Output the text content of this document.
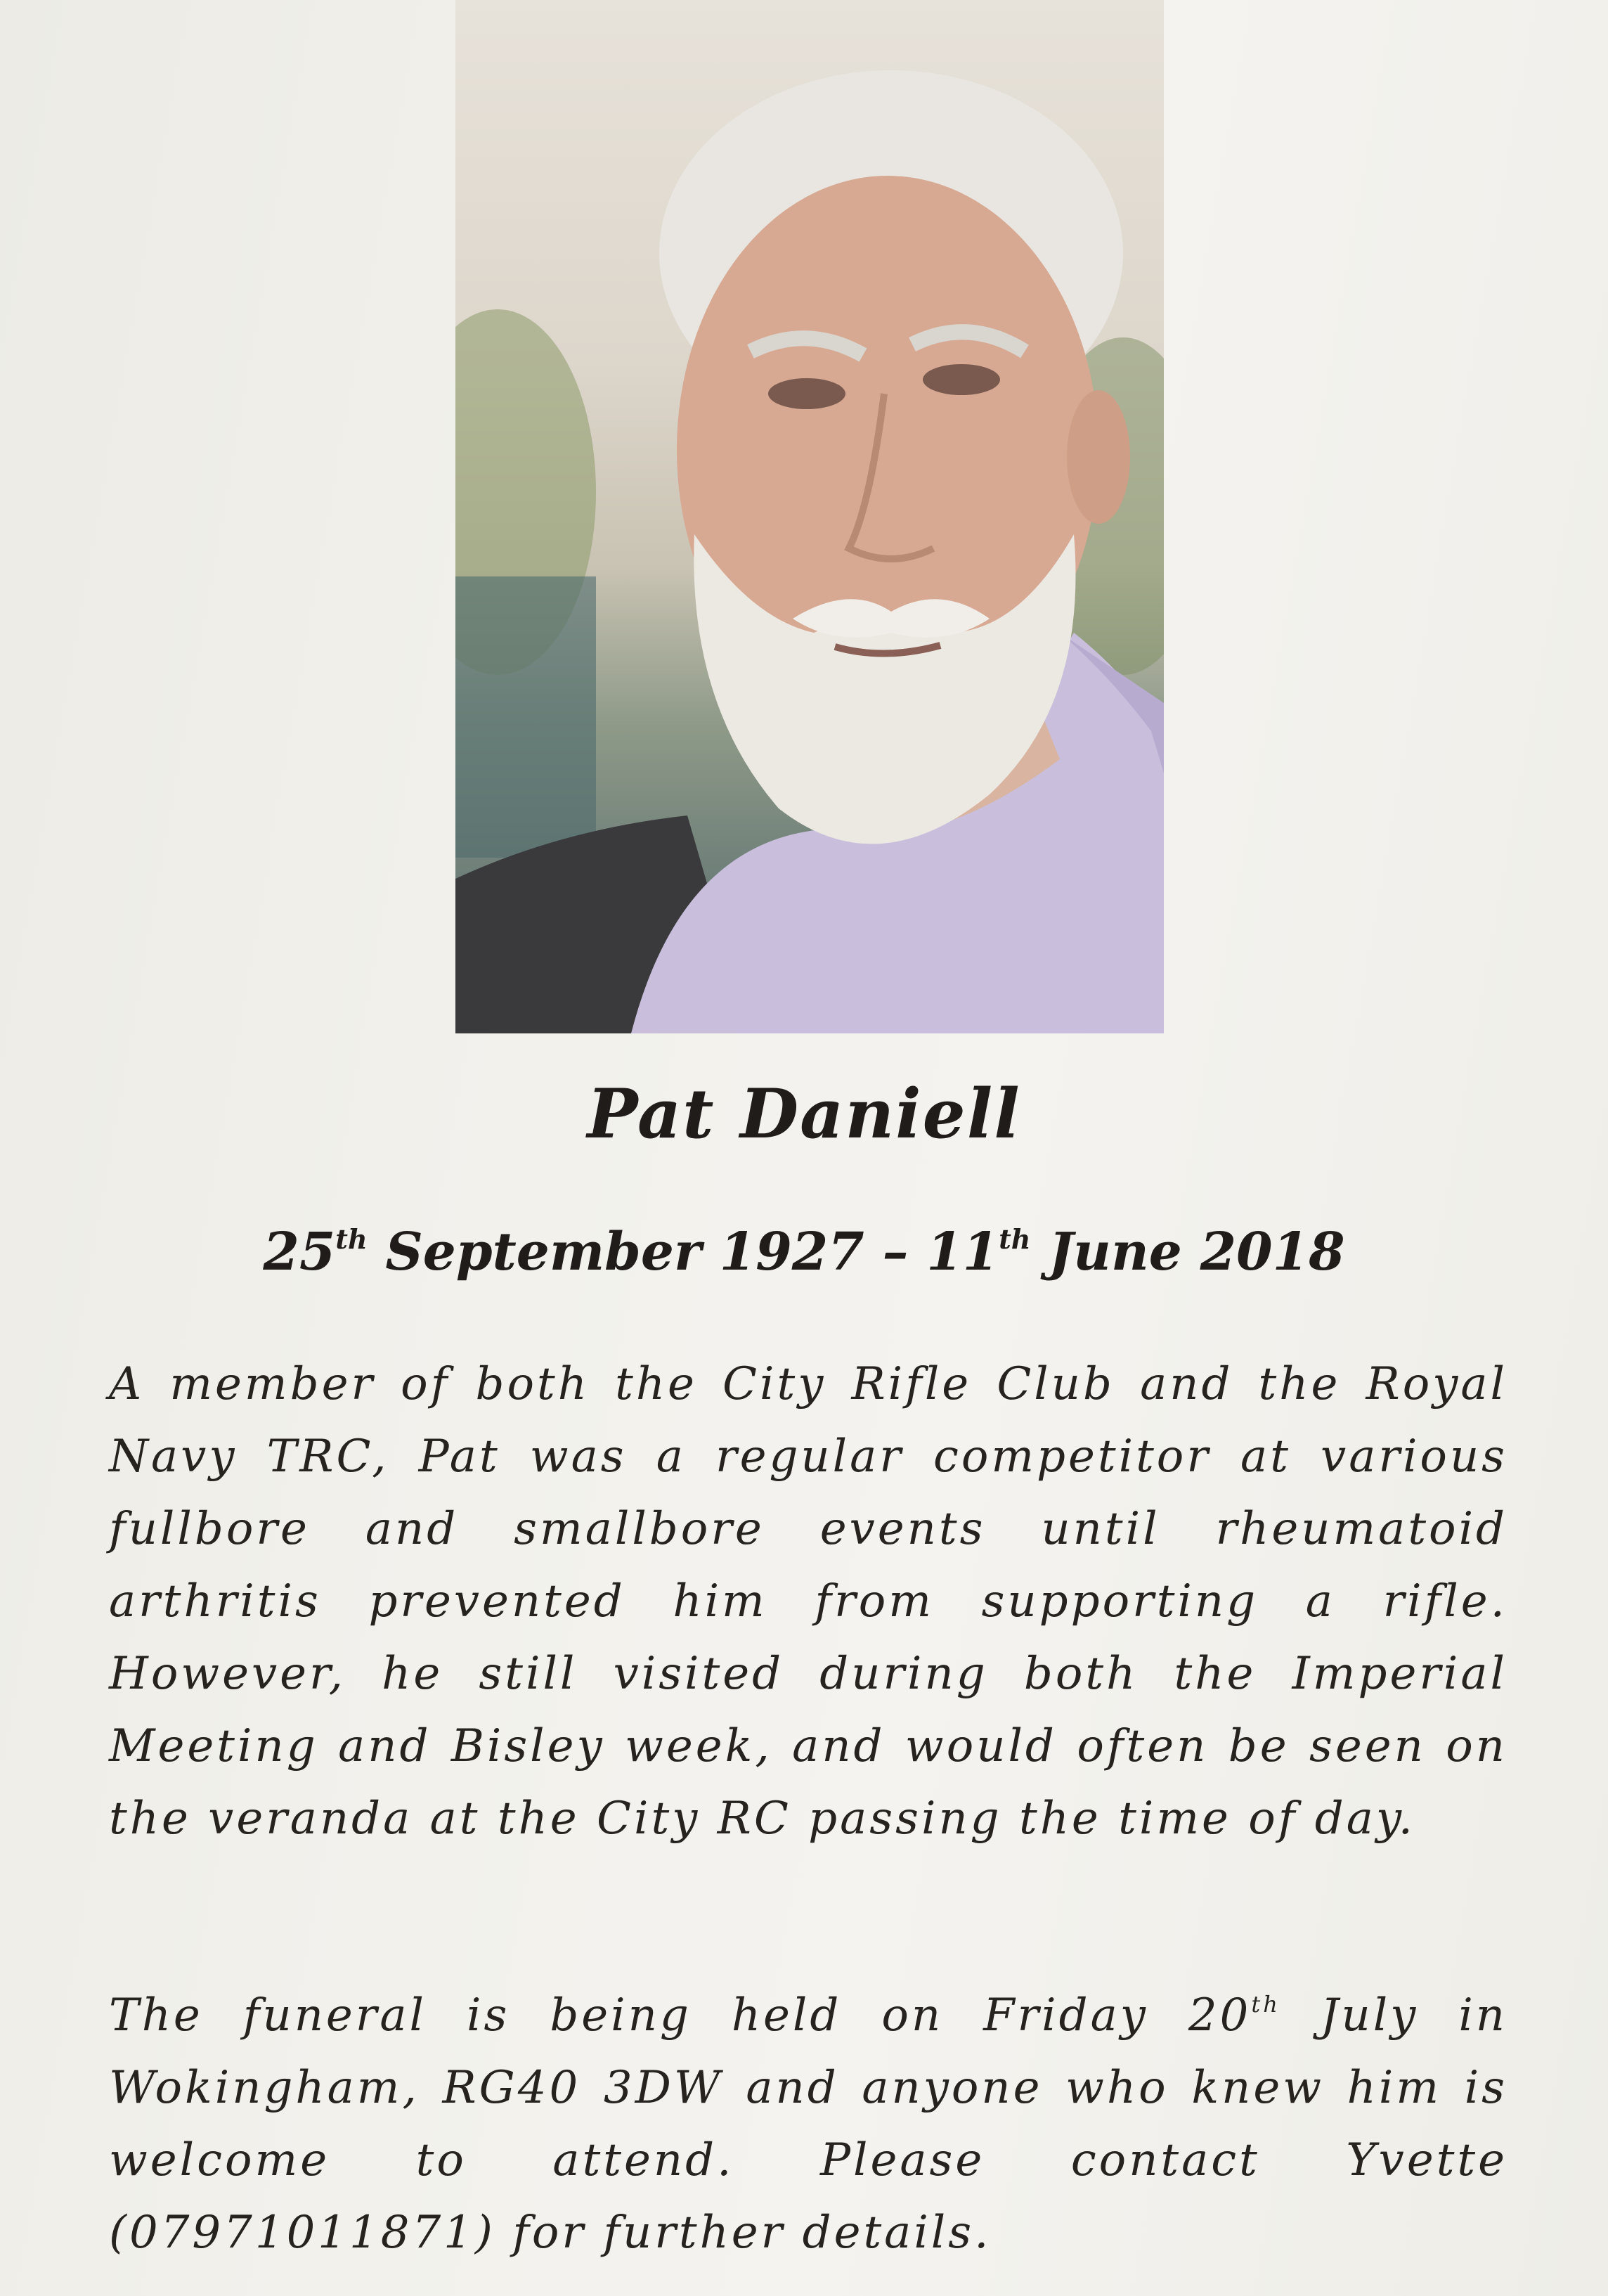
Pat Daniell
25th September 1927 – 11th June 2018
A member of both the City Rifle Club and the Royal Navy TRC, Pat was a regular competitor at various fullbore and smallbore events until rheumatoid arthritis prevented him from supporting a rifle. However, he still visited during both the Imperial Meeting and Bisley week, and would often be seen on the veranda at the City RC passing the time of day.
The funeral is being held on Friday 20th July in Wokingham, RG40 3DW and anyone who knew him is welcome to attend. Please contact Yvette (07971011871) for further details.
